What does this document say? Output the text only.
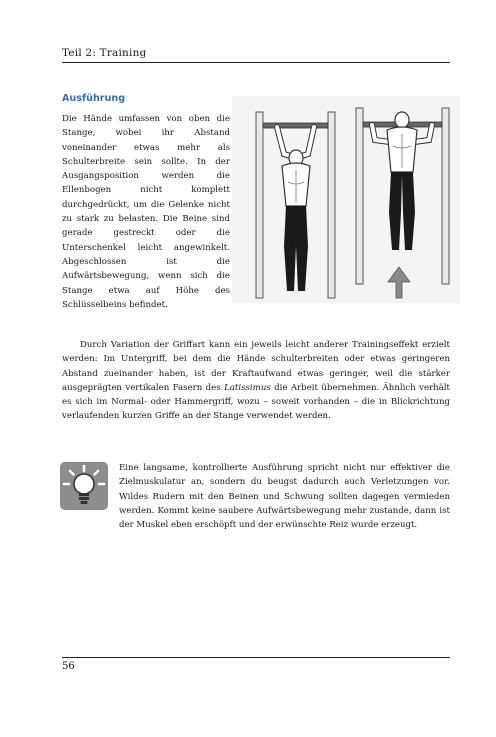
Teil 2: Training
Ausführung
Die Hände umfassen von oben die Stange, wobei ihr Abstand voneinander etwas mehr als Schulterbreite sein sollte. In der Ausgangsposition werden die Ellenbogen nicht komplett durchgedrückt, um die Gelenke nicht zu stark zu belasten. Die Beine sind gerade gestreckt oder die Unterschenkel leicht angewinkelt. Abgeschlossen ist die Aufwärtsbewegung, wenn sich die Stange etwa auf Höhe des Schlüsselbeins befindet.
Durch Variation der Griffart kann ein jeweils leicht anderer Trainingseffekt erzielt werden: Im Untergriff, bei dem die Hände schulterbreiten oder etwas geringeren Abstand zueinander haben, ist der Kraftaufwand etwas geringer, weil die stärker ausgeprägten vertikalen Fasern des Latissimus die Arbeit übernehmen. Ähnlich verhält es sich im Normal- oder Hammergriff, wozu – soweit vorhanden – die in Blickrichtung verlaufenden kurzen Griffe an der Stange verwendet werden.
Eine langsame, kontrollierte Ausführung spricht nicht nur effektiver die Zielmuskulatur an, sondern du beugst dadurch auch Verletzungen vor. Wildes Rudern mit den Beinen und Schwung sollten dagegen vermieden werden. Kommt keine saubere Aufwärtsbewegung mehr zustande, dann ist der Muskel eben erschöpft und der erwünschte Reiz wurde erzeugt.
56
